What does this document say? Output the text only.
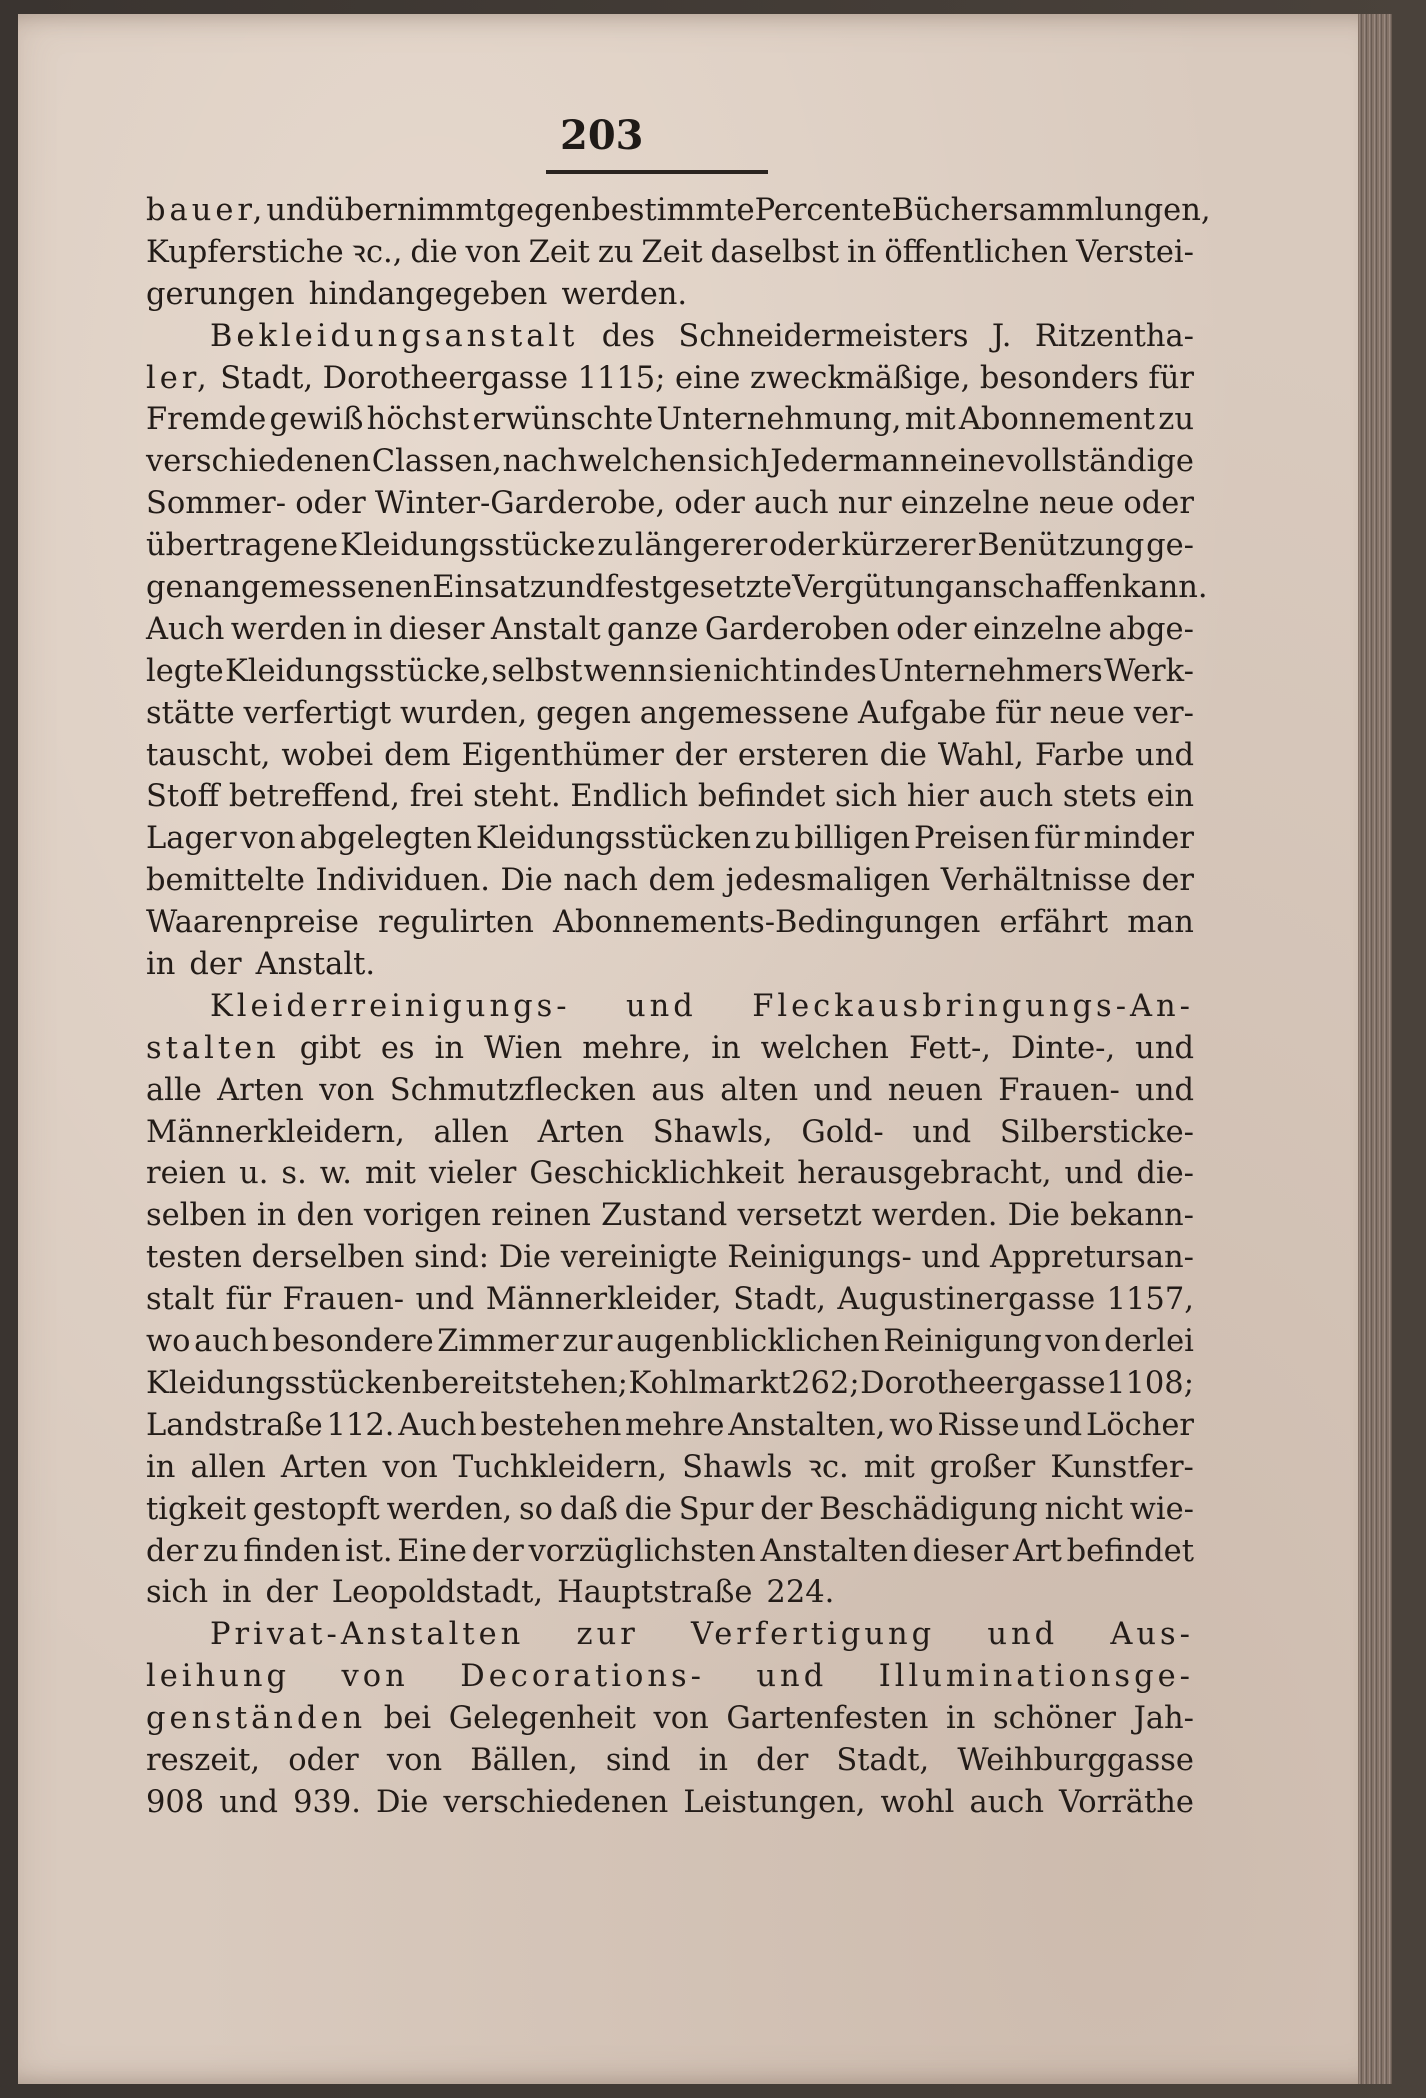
203
bauer, und übernimmt gegen bestimmte Percente Büchersammlungen,
Kupferstiche ꝛc., die von Zeit zu Zeit daselbst in öffentlichen Verstei-
gerungen hindangegeben werden.
Bekleidungsanstalt des Schneidermeisters J. Ritzentha-
ler, Stadt, Dorotheergasse 1115; eine zweckmäßige, besonders für
Fremde gewiß höchst erwünschte Unternehmung, mit Abonnement zu
verschiedenen Classen, nach welchen sich Jedermann eine vollständige
Sommer- oder Winter-Garderobe, oder auch nur einzelne neue oder
übertragene Kleidungsstücke zu längerer oder kürzerer Benützung ge-
gen angemessenen Einsatz und festgesetzte Vergütung anschaffen kann.
Auch werden in dieser Anstalt ganze Garderoben oder einzelne abge-
legte Kleidungsstücke, selbst wenn sie nicht in des Unternehmers Werk-
stätte verfertigt wurden, gegen angemessene Aufgabe für neue ver-
tauscht, wobei dem Eigenthümer der ersteren die Wahl, Farbe und
Stoff betreffend, frei steht. Endlich befindet sich hier auch stets ein
Lager von abgelegten Kleidungsstücken zu billigen Preisen für minder
bemittelte Individuen. Die nach dem jedesmaligen Verhältnisse der
Waarenpreise regulirten Abonnements-Bedingungen erfährt man
in der Anstalt.
Kleiderreinigungs- und Fleckausbringungs-An-
stalten gibt es in Wien mehre, in welchen Fett-, Dinte-, und
alle Arten von Schmutzflecken aus alten und neuen Frauen- und
Männerkleidern, allen Arten Shawls, Gold- und Silbersticke-
reien u. s. w. mit vieler Geschicklichkeit herausgebracht, und die-
selben in den vorigen reinen Zustand versetzt werden. Die bekann-
testen derselben sind: Die vereinigte Reinigungs- und Appretursan-
stalt für Frauen- und Männerkleider, Stadt, Augustinergasse 1157,
wo auch besondere Zimmer zur augenblicklichen Reinigung von derlei
Kleidungsstücken bereit stehen; Kohlmarkt 262; Dorotheergasse 1108;
Landstraße 112. Auch bestehen mehre Anstalten, wo Risse und Löcher
in allen Arten von Tuchkleidern, Shawls ꝛc. mit großer Kunstfer-
tigkeit gestopft werden, so daß die Spur der Beschädigung nicht wie-
der zu finden ist. Eine der vorzüglichsten Anstalten dieser Art befindet
sich in der Leopoldstadt, Hauptstraße 224.
Privat-Anstalten zur Verfertigung und Aus-
leihung von Decorations- und Illuminationsge-
genständen bei Gelegenheit von Gartenfesten in schöner Jah-
reszeit, oder von Bällen, sind in der Stadt, Weihburggasse
908 und 939. Die verschiedenen Leistungen, wohl auch Vorräthe
